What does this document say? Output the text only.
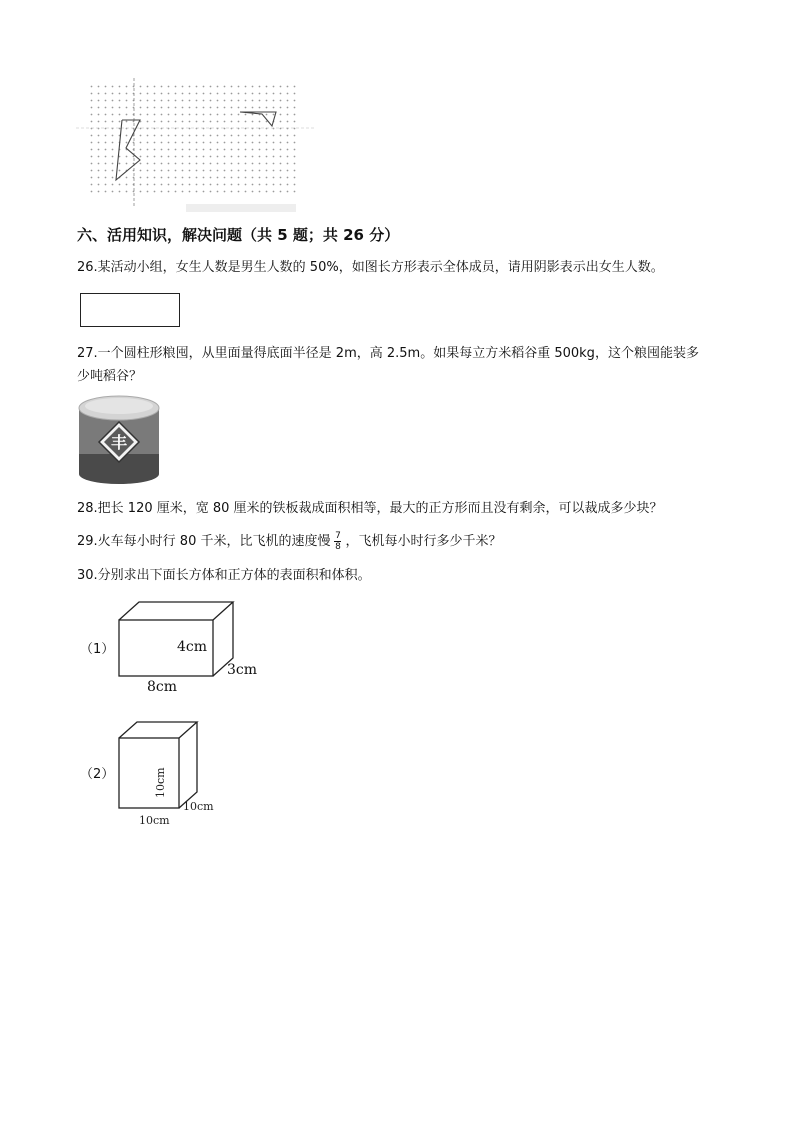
六、活用知识，解决问题（共 5 题；共 26 分）
26.某活动小组，女生人数是男生人数的 50%，如图长方形表示全体成员，请用阴影表示出女生人数。
27.一个圆柱形粮囤，从里面量得底面半径是 2m，高 2.5m。如果每立方米稻谷重 500kg，这个粮囤能装多
少吨稻谷？
丰
28.把长 120 厘米，宽 80 厘米的铁板裁成面积相等，最大的正方形而且没有剩余，可以裁成多少块？
29.火车每小时行 80 千米，比飞机的速度慢 $\frac{7}{8}$ ，飞机每小时行多少千米？
30.分别求出下面长方体和正方体的表面积和体积。
（1）	4cm
3cm
8cm
（2）	10cm
10cm
10cm
